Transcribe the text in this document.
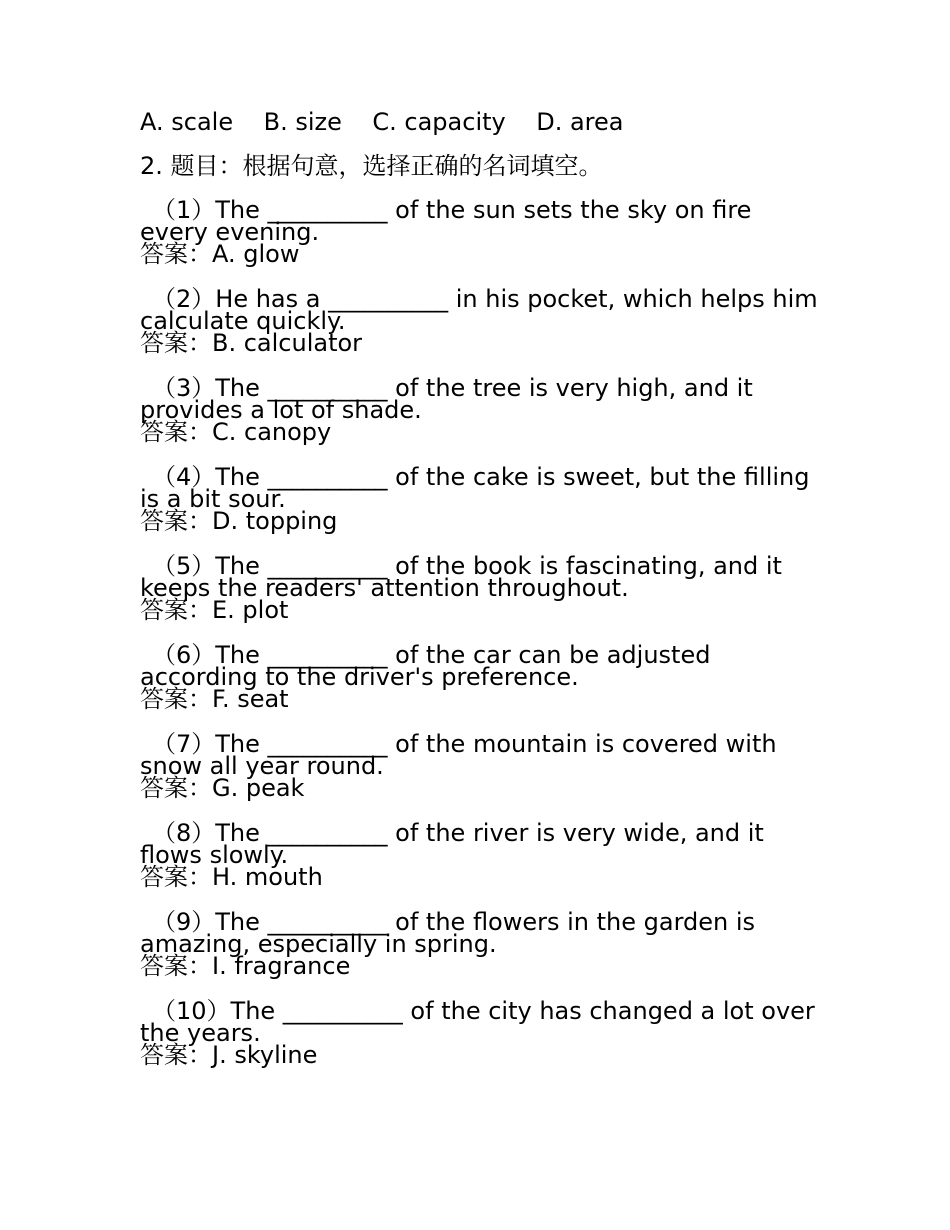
A. scale    B. size    C. capacity    D. area
2. 题目：根据句意，选择正确的名词填空。
（1）The __________ of the sun sets the sky on fire every evening.
答案：A. glow
（2）He has a __________ in his pocket, which helps him calculate quickly.
答案：B. calculator
（3）The __________ of the tree is very high, and it provides a lot of shade.
答案：C. canopy
（4）The __________ of the cake is sweet, but the filling is a bit sour.
答案：D. topping
（5）The __________ of the book is fascinating, and it keeps the readers' attention throughout.
答案：E. plot
（6）The __________ of the car can be adjusted according to the driver's preference.
答案：F. seat
（7）The __________ of the mountain is covered with snow all year round.
答案：G. peak
（8）The __________ of the river is very wide, and it flows slowly.
答案：H. mouth
（9）The __________ of the flowers in the garden is amazing, especially in spring.
答案：I. fragrance
（10）The __________ of the city has changed a lot over the years.
答案：J. skyline
